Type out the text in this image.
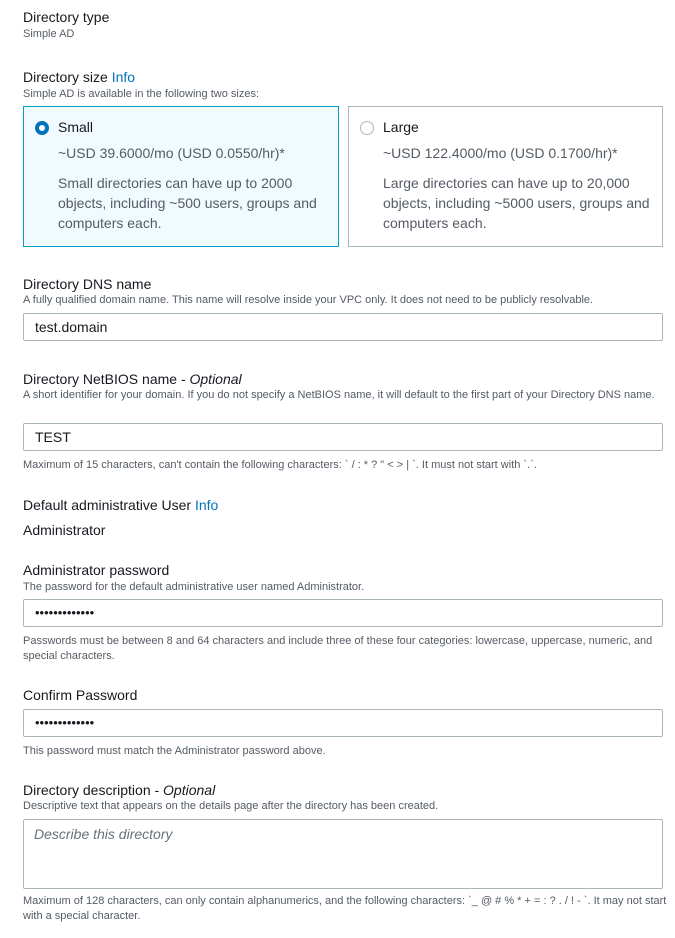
Directory type
Simple AD
Directory size Info
Simple AD is available in the following two sizes:
Small
~USD 39.6000/mo (USD 0.0550/hr)*
Small directories can have up to 2000 objects, including ~500 users, groups and computers each.
Large
~USD 122.4000/mo (USD 0.1700/hr)*
Large directories can have up to 20,000 objects, including ~5000 users, groups and computers each.
Directory DNS name
A fully qualified domain name. This name will resolve inside your VPC only. It does not need to be publicly resolvable.
test.domain
Directory NetBIOS name - Optional
A short identifier for your domain. If you do not specify a NetBIOS name, it will default to the first part of your Directory DNS name.
TEST
Maximum of 15 characters, can't contain the following characters: ` / : * ? " < > | `. It must not start with `.`.
Default administrative User Info
Administrator
Administrator password
The password for the default administrative user named Administrator.
•••••••••••••
Passwords must be between 8 and 64 characters and include three of these four categories: lowercase, uppercase, numeric, and special characters.
Confirm Password
•••••••••••••
This password must match the Administrator password above.
Directory description - Optional
Descriptive text that appears on the details page after the directory has been created.
Describe this directory
Maximum of 128 characters, can only contain alphanumerics, and the following characters: `_ @ # % * + = : ? . / ! - `. It may not start with a special character.
